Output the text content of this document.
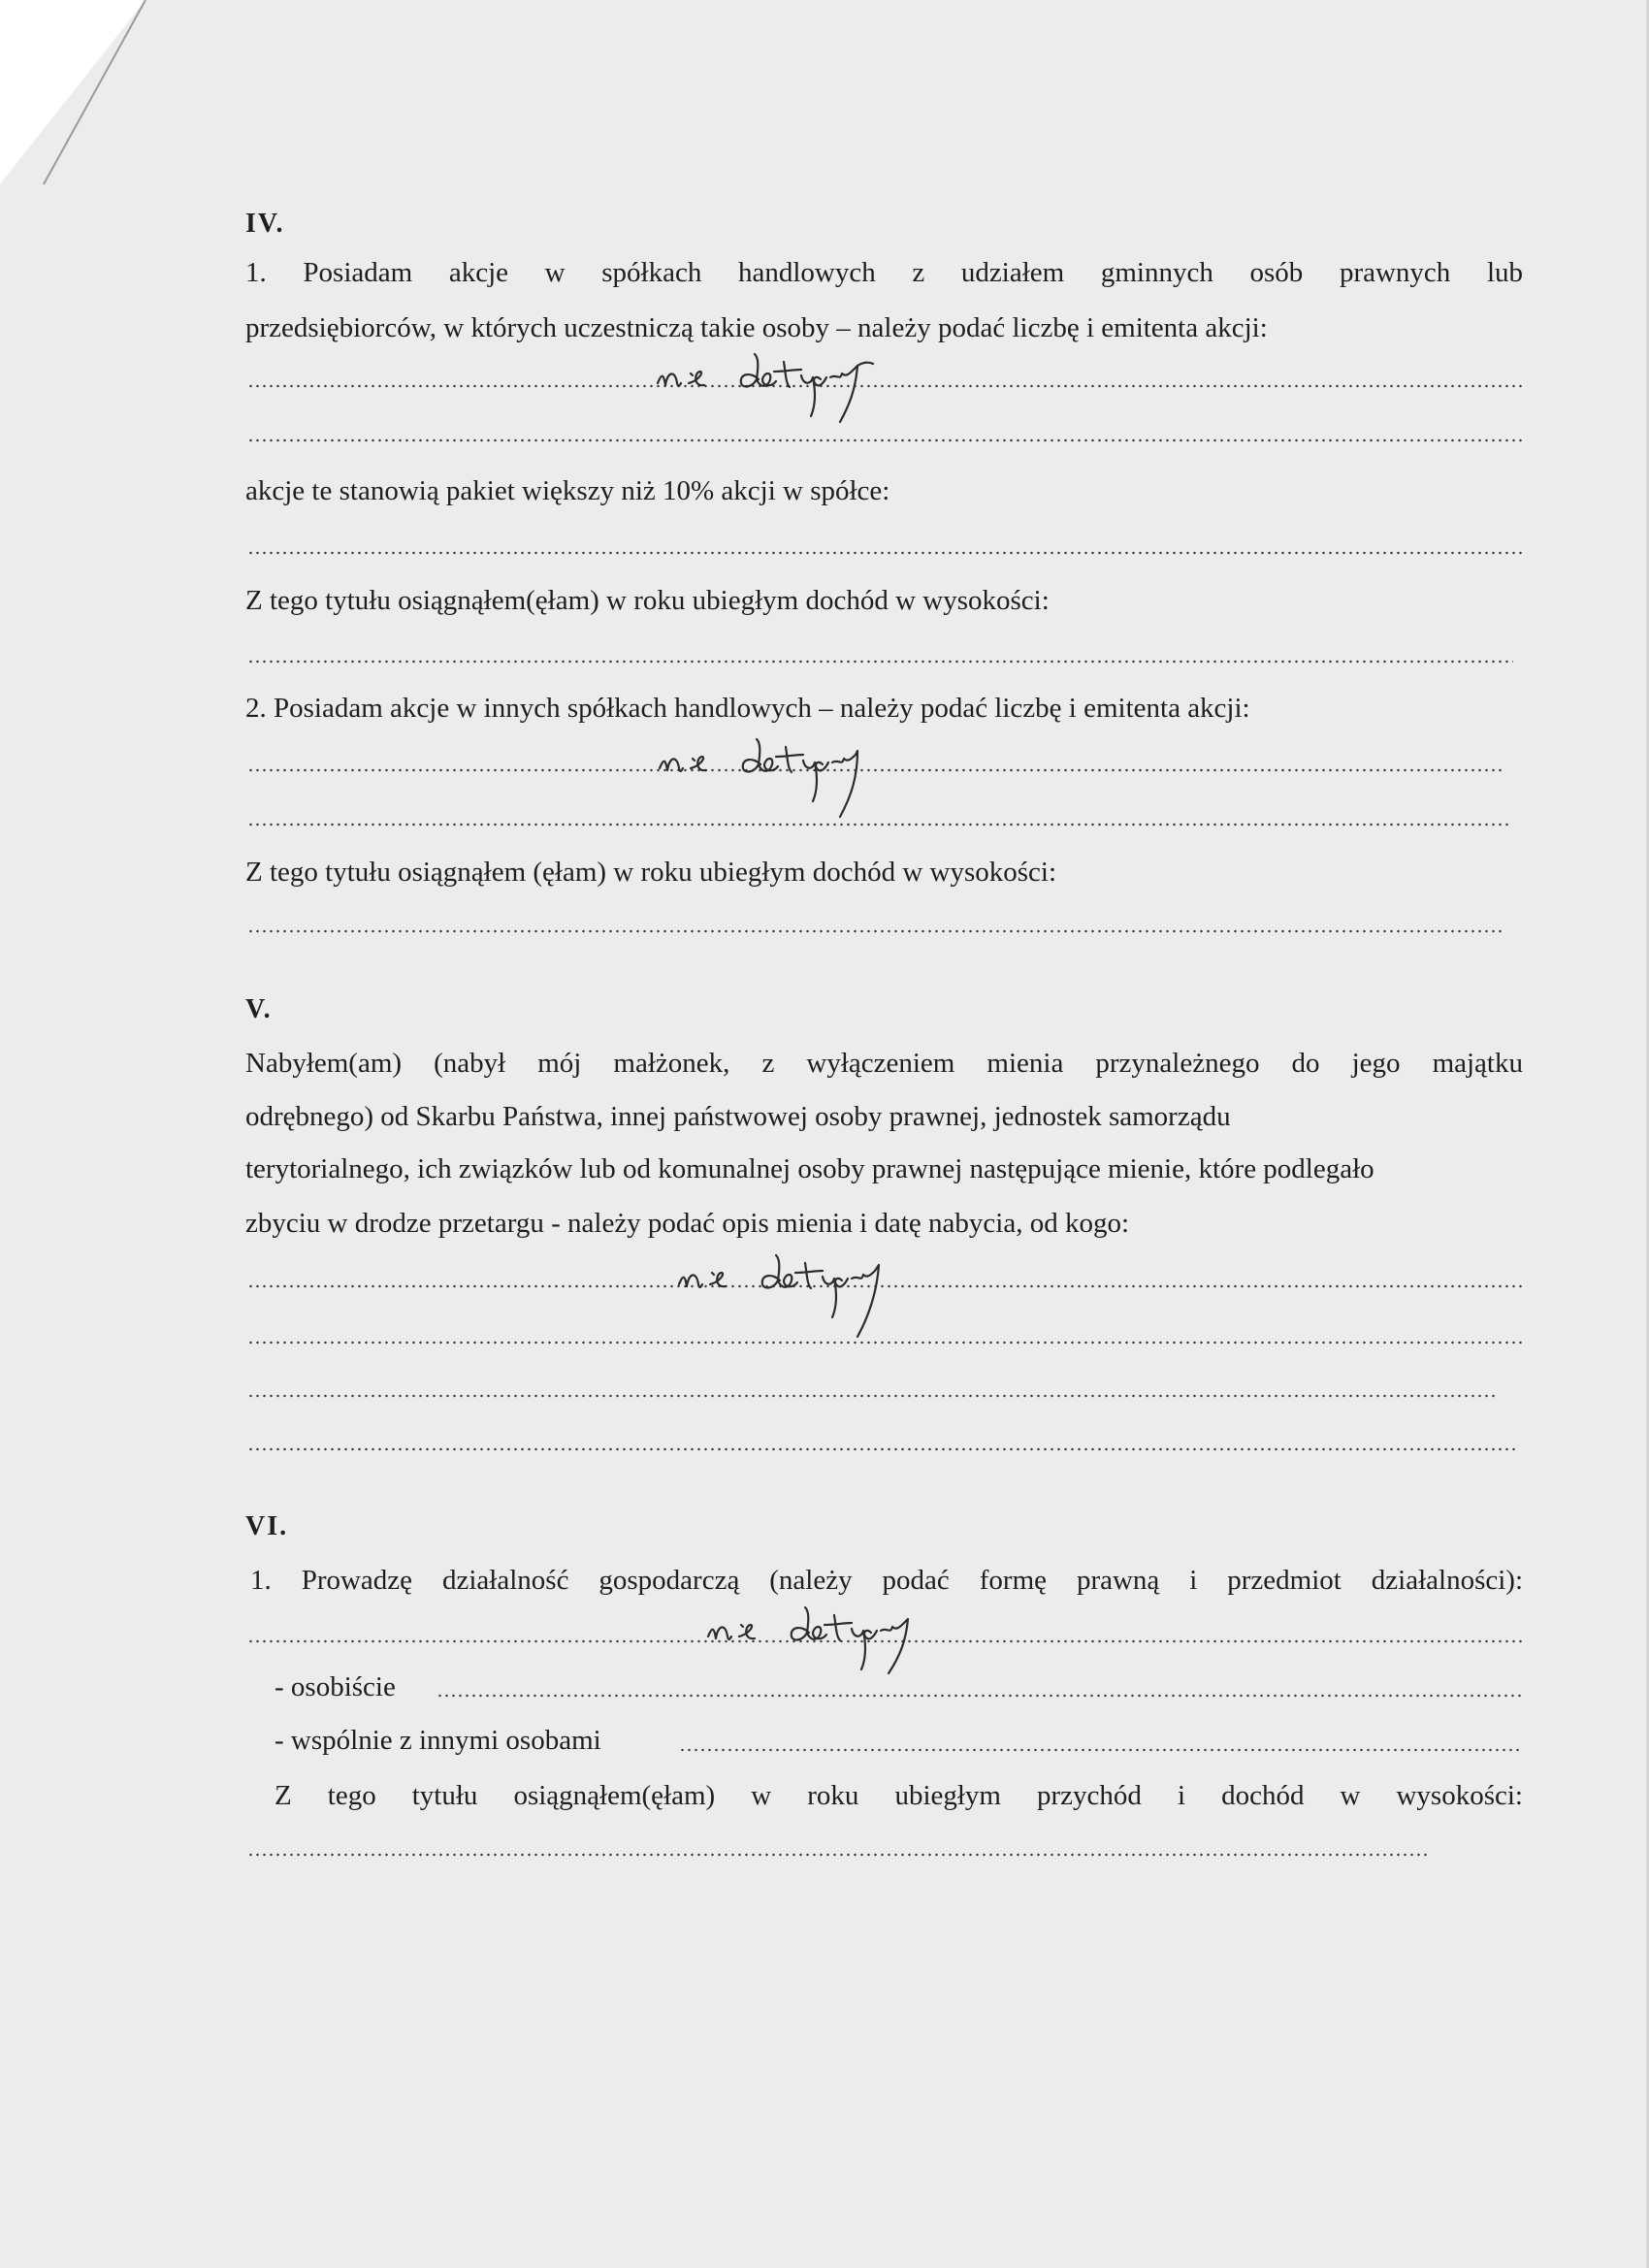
IV.
1. Posiadam akcje w spółkach handlowych z udziałem gminnych osób prawnych lub
przedsiębiorców, w których uczestniczą takie osoby – należy podać liczbę i emitenta akcji:
akcje te stanowią pakiet większy niż 10% akcji w spółce:
Z tego tytułu osiągnąłem(ęłam) w roku ubiegłym dochód w wysokości:
2. Posiadam akcje w innych spółkach handlowych – należy podać liczbę i emitenta akcji:
Z tego tytułu osiągnąłem (ęłam) w roku ubiegłym dochód w wysokości:
V.
Nabyłem(am) (nabył mój małżonek, z wyłączeniem mienia przynależnego do jego majątku
odrębnego) od Skarbu Państwa, innej państwowej osoby prawnej, jednostek samorządu
terytorialnego, ich związków lub od komunalnej osoby prawnej następujące mienie, które podlegało
zbyciu w drodze przetargu - należy podać opis mienia i datę nabycia, od kogo:
VI.
1. Prowadzę działalność gospodarczą (należy podać formę prawną i przedmiot działalności):
- osobiście
- wspólnie z innymi osobami
Z tego tytułu osiągnąłem(ęłam) w roku ubiegłym przychód i dochód w wysokości:
